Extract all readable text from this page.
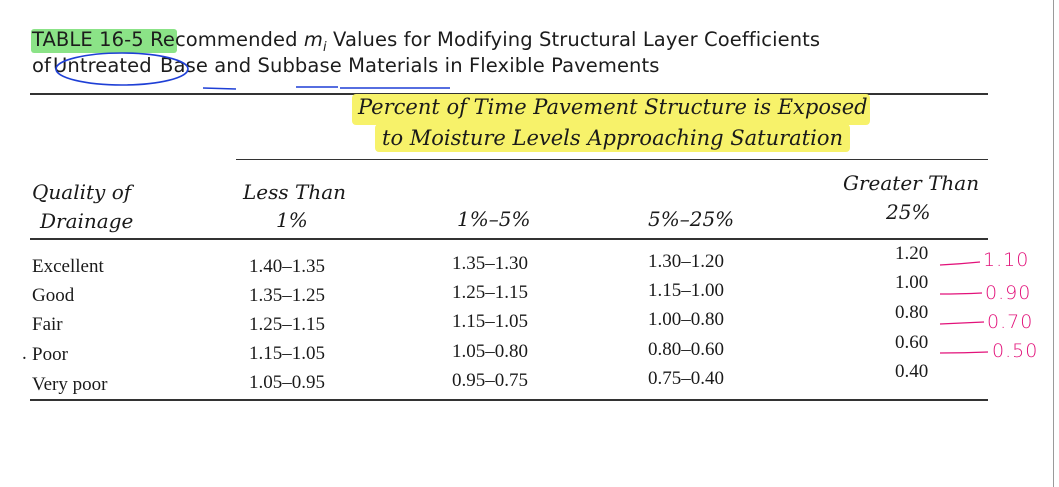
TABLE 16-5 Recommended $m_i$ Values for Modifying Structural Layer Coefficients
of Untreated Base and Subbase Materials in Flexible Pavements
Percent of Time Pavement Structure is Exposed
to Moisture Levels Approaching Saturation
Quality of
Drainage
Less Than
1%	1%–5%	5%–25%
Greater Than
25%
Excellent	1.40–1.35	1.35–1.30	1.30–1.20	1.20
Good	1.35–1.25	1.25–1.15	1.15–1.00	1.00
Fair	1.25–1.15	1.15–1.05	1.00–0.80	0.80
. Poor	1.15–1.05	1.05–0.80	0.80–0.60	0.60
Very poor	1.05–0.95	0.95–0.75	0.75–0.40	0.40
1.10
0.90
0.70
0.50
